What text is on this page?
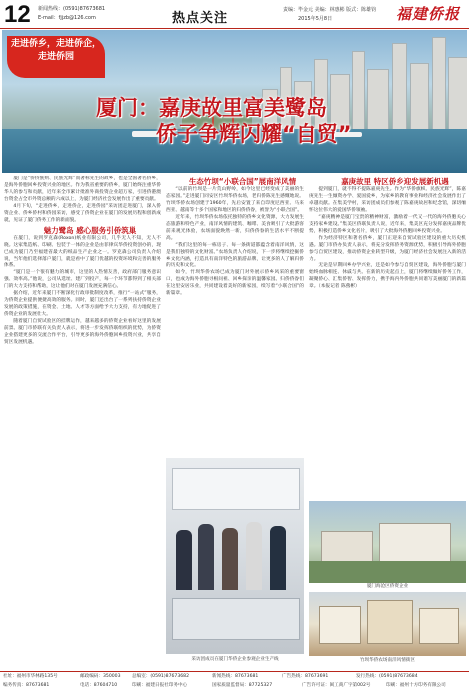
12 新闻热线：(0591)87673681
E-mail：fjjzb@126.com	热点关注
责编：毕金元 美编：林惠彬 版式：陈雄钧
2015年5月8日	福建侨报
走进侨乡，走进侨企，
走进侨园
厦门：嘉庚故里富美鹭岛
侨子争辉闪耀“自贸”

厦门是“侨侨族则、民族光辉”而著称先生的故乡，也是全国著名侨乡，是海外侨胞回乡投资兴业的地区。作为我省重要的侨乡，厦门始终注重华侨华人的参与和贡献，近年来全市累计批准外商投资企业超万家，引进侨港澳台资金占全市外资总额的六成以上，为厦门经济社会发展作出了重要贡献。

4月下旬，“走进侨乡，走进侨企，走进侨园”采访团走进厦门，深入侨资企业、侨乡侨村和侨园采访，感受了侨资企业在厦门的发展历程和创新成就，见证了厦门侨务工作的新面貌。

魅力鹭岛 感心服务引侨筑巢

在厦门，说到罗克森(Roxon)纸业有限公司，几乎无人不知，无人不晓。这家集造纸、印刷、包装于一体的企业是由菲律宾华侨投资创办的，现已成为厦门乃至福建省最大的纸品生产企业之一。罗克森公司负责人介绍说，当年他们选择落户厦门，就是看中了厦门优越的投资环境和完善的服务体系。

“厦门是一个很有魅力的城市，这里的人热情友善，政府部门服务意识强、效率高。”他说，公司从选址、建厂到投产，每一个环节都得到了相关部门的大力支持和帮助，这让他们对在厦门发展充满信心。

据介绍，近年来厦门不断深化行政审批制度改革，推行“一站式”服务，为侨资企业提供便捷高效的服务。同时，厦门还出台了一系列扶持侨资企业发展的政策措施，在资金、土地、人才等方面给予大力支持，有力地促进了侨资企业的发展壮大。

随着厦门自贸试验区的挂牌运作，越来越多的侨资企业看好这里的发展前景。厦门市侨联有关负责人表示，将进一步发挥侨联组织的优势，为侨资企业搭建更多的交流合作平台，引导更多的海外侨胞回乡投资兴业，共享自贸区发展机遇。

生态竹坝“小联合国”展南洋风情

“以前的竹坝是一片荒山野岭，如今这里已经变成了美丽的生态家园。”走进厦门同安区竹坝华侨农场，老归侨陈先生感慨地说。竹坝华侨农场创建于1960年，先后安置了来自印度尼西亚、马来西亚、越南等十多个国家和地区的归侨侨眷，被誉为“小联合国”。

近年来，竹坝华侨农场依托独特的侨乡文化资源，大力发展生态旅游和特色产业，南洋风情的建筑、咖啡、美食吸引了大批游客前来观光体验，农场面貌焕然一新，归侨侨眷的生活水平不断提高。

“我们这里的每一栋房子、每一条街道都蕴含着南洋风情，这是我们独特的文化财富。”农场负责人介绍说，下一步将继续挖掘侨乡文化内涵，打造具有南洋特色的旅游品牌，让更多的人了解归侨的历史和文化。

如今，竹坝华侨农场已成为厦门对外展示侨乡风采的重要窗口，也成为海外侨胞寻根问祖、回乡探亲的温馨家园。归侨侨眷们在这里安居乐业，共同建设着美好的新家园，续写着“小联合国”的新篇章。

采访团成员在厦门华侨企业参观企业生产线

嘉庚故里 特区侨乡迎发展新机遇

提到厦门，就不得不提陈嘉庚先生。作为“华侨旗帜、民族光辉”，陈嘉庚先生一生倾资办学、爱国爱乡，为家乡的教育事业和经济社会发展作出了卓越贡献。在集美学村，采访团成员们参观了陈嘉庚故居和纪念馆，深切缅怀这位伟大的爱国华侨领袖。

“嘉庚精神是厦门宝贵的精神财富，激励着一代又一代的海外侨胞关心支持家乡建设。”集美区侨联负责人说，近年来，集美区充分发挥嘉庚品牌优势，积极打造侨乡文化名片，吸引了大批海外侨胞回乡投资兴业。

作为经济特区和著名侨乡，厦门正迎来自贸试验区建设的重大历史机遇。厦门市侨办负责人表示，将充分发挥侨务资源优势，积极引导海外侨胞参与自贸区建设，推动侨资企业转型升级，为厦门经济社会发展注入新的活力。

无论是早期回乡办学兴业，还是如今参与自贸区建设，海外侨胞与厦门始终血脉相连、休戚与共。在新的历史起点上，厦门将继续做好侨务工作，凝聚侨心、汇集侨智、发挥侨力，携手海内外侨胞共同谱写美丽厦门的新篇章。（本报记者 陈燕彬）

厦门海沧区侨资企业
竹坝华侨农场南洋风情街区
社址：福州市华林路135号	邮政编码：350003 总编室：(0591)87673682	新闻热线：87673681	广告热线：87673691	发行热线：(0591)87673684
编务传真：87673681	电话：87604710	印刷：福建日报社印务中心	国家质量监督局：87725327	广告许可证：闽工商广字第002号	印刷：福州十方印务有限公司
